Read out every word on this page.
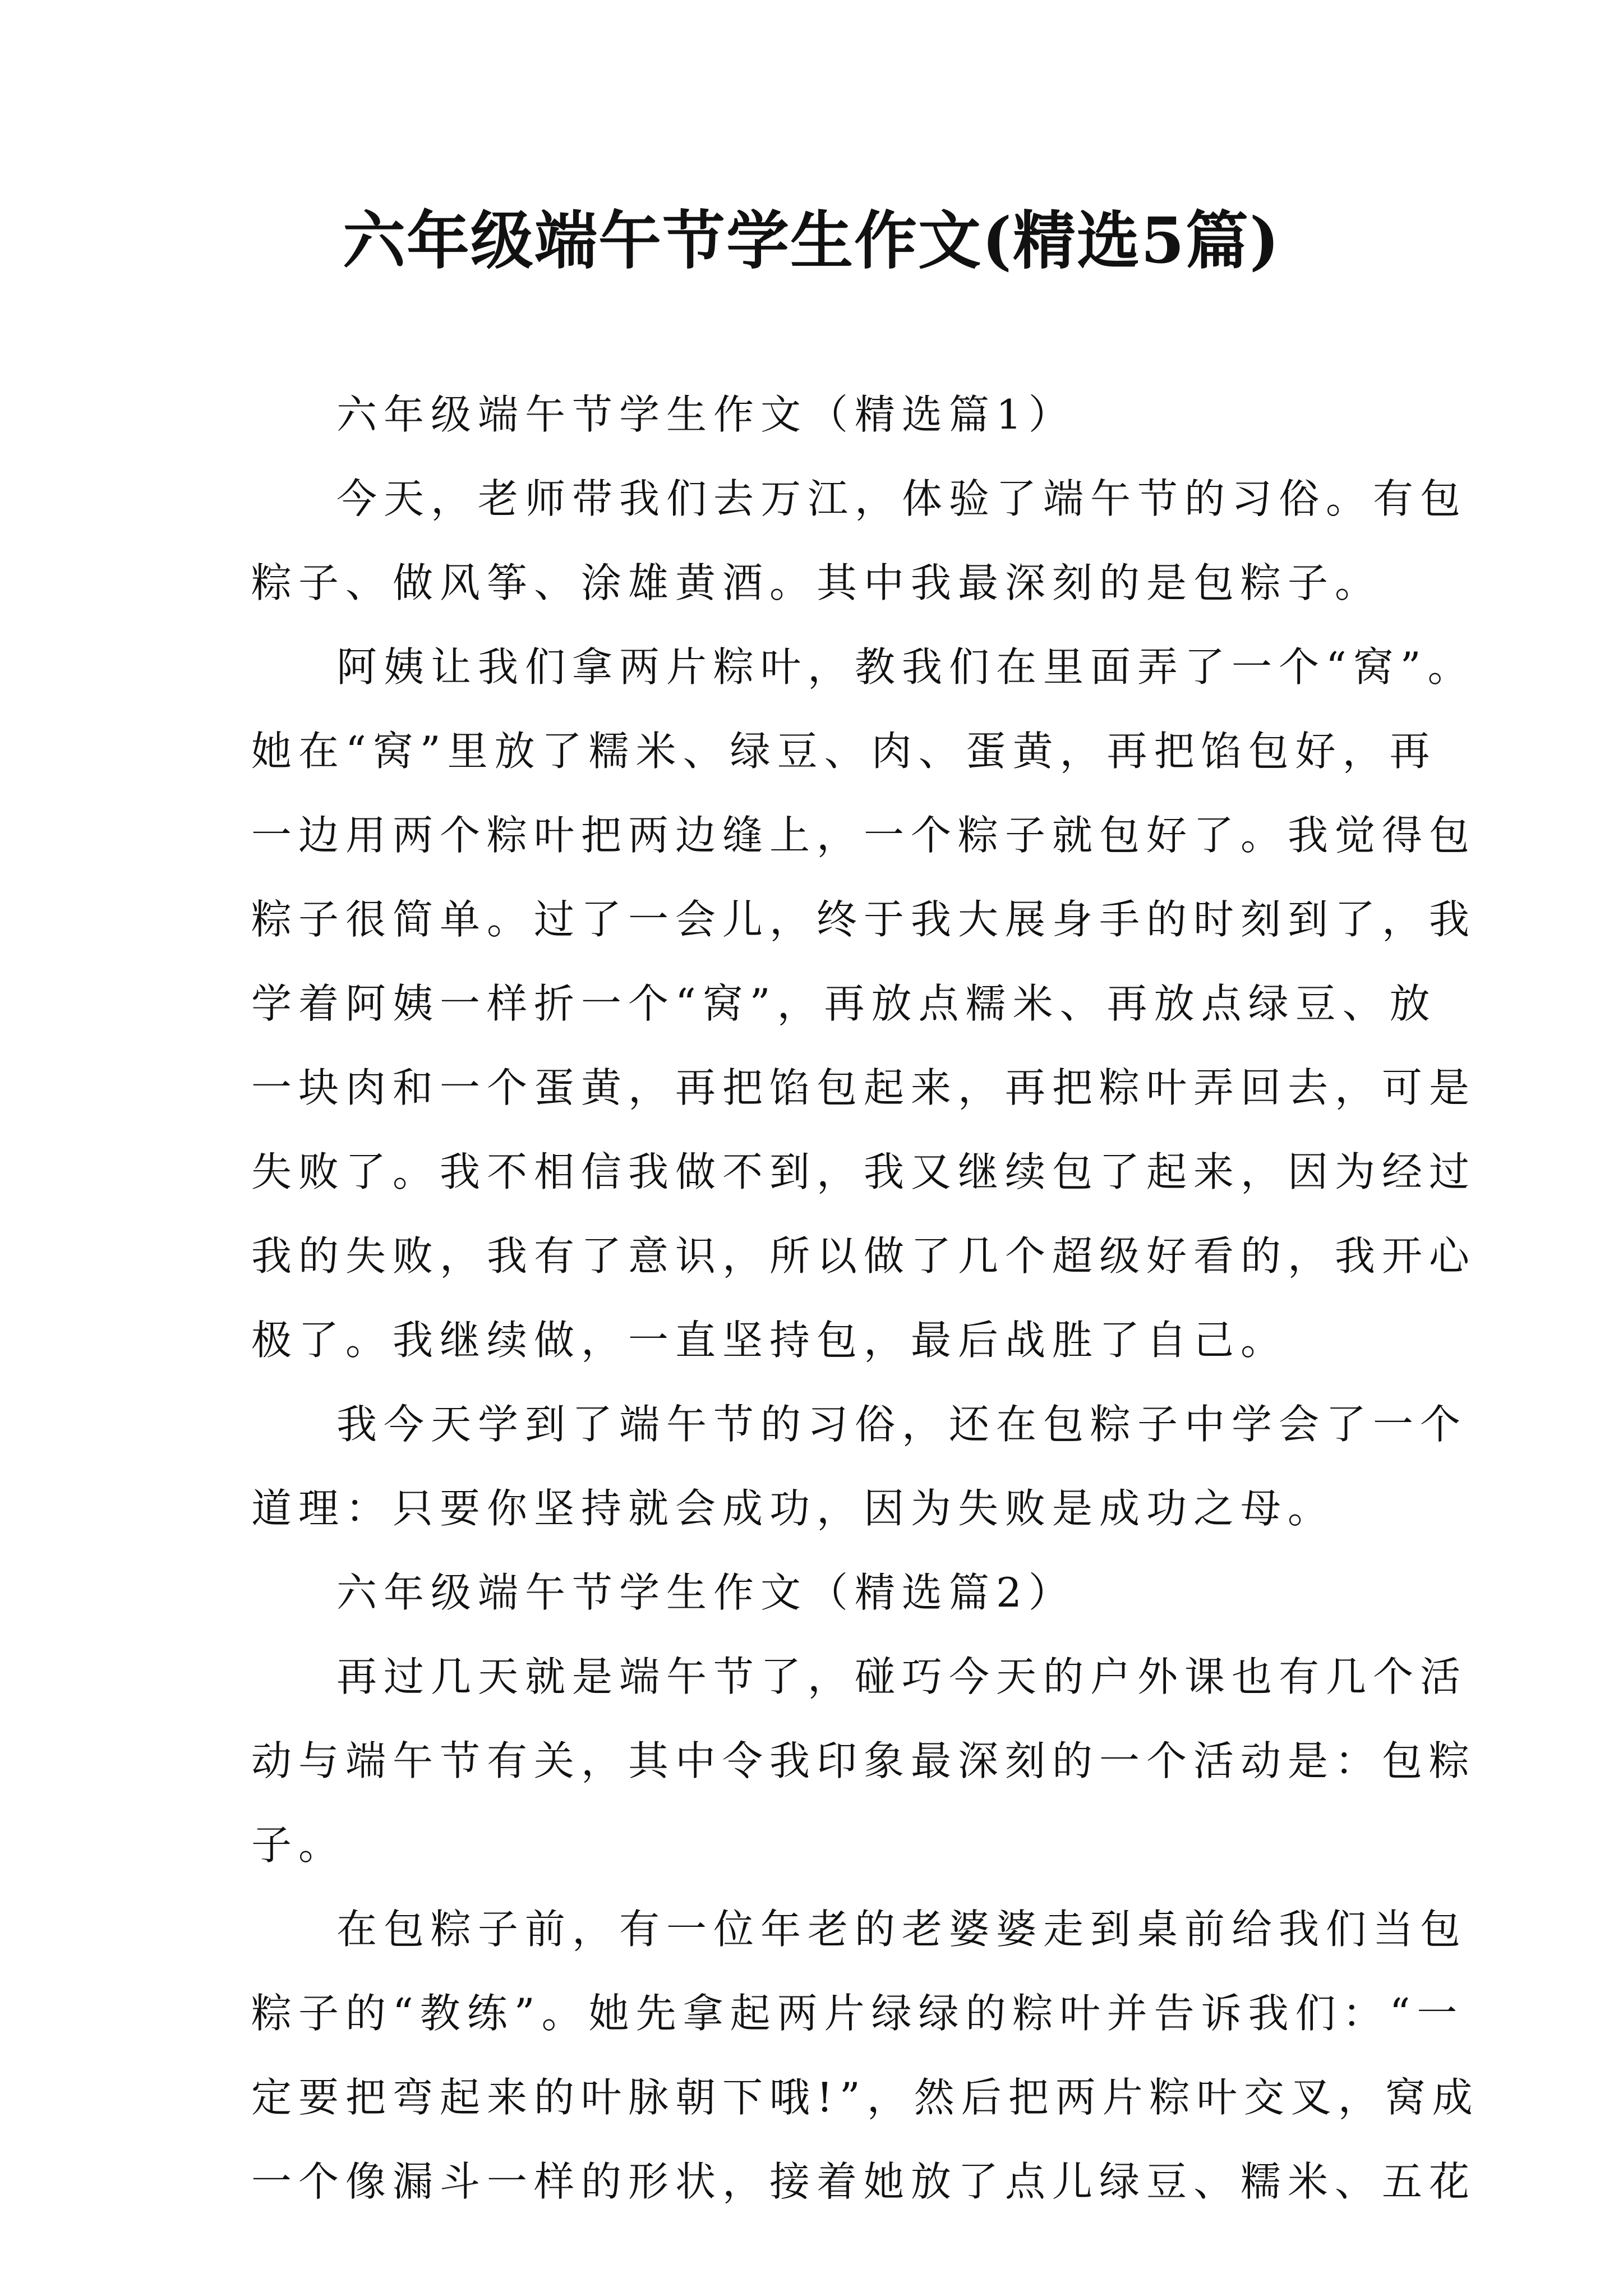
六年级端午节学生作文(精选5篇)
六年级端午节学生作文（精选篇1）
今天，老师带我们去万江，体验了端午节的习俗。有包
粽子、做风筝、涂雄黄酒。其中我最深刻的是包粽子。
阿姨让我们拿两片粽叶，教我们在里面弄了一个“窝”。
她在“窝”里放了糯米、绿豆、肉、蛋黄，再把馅包好，再
一边用两个粽叶把两边缝上，一个粽子就包好了。我觉得包
粽子很简单。过了一会儿，终于我大展身手的时刻到了，我
学着阿姨一样折一个“窝”，再放点糯米、再放点绿豆、放
一块肉和一个蛋黄，再把馅包起来，再把粽叶弄回去，可是
失败了。我不相信我做不到，我又继续包了起来，因为经过
我的失败，我有了意识，所以做了几个超级好看的，我开心
极了。我继续做，一直坚持包，最后战胜了自己。
我今天学到了端午节的习俗，还在包粽子中学会了一个
道理：只要你坚持就会成功，因为失败是成功之母。
六年级端午节学生作文（精选篇2）
再过几天就是端午节了，碰巧今天的户外课也有几个活
动与端午节有关，其中令我印象最深刻的一个活动是：包粽
子。
在包粽子前，有一位年老的老婆婆走到桌前给我们当包
粽子的“教练”。她先拿起两片绿绿的粽叶并告诉我们：“一
定要把弯起来的叶脉朝下哦!”，然后把两片粽叶交叉，窝成
一个像漏斗一样的形状，接着她放了点儿绿豆、糯米、五花
